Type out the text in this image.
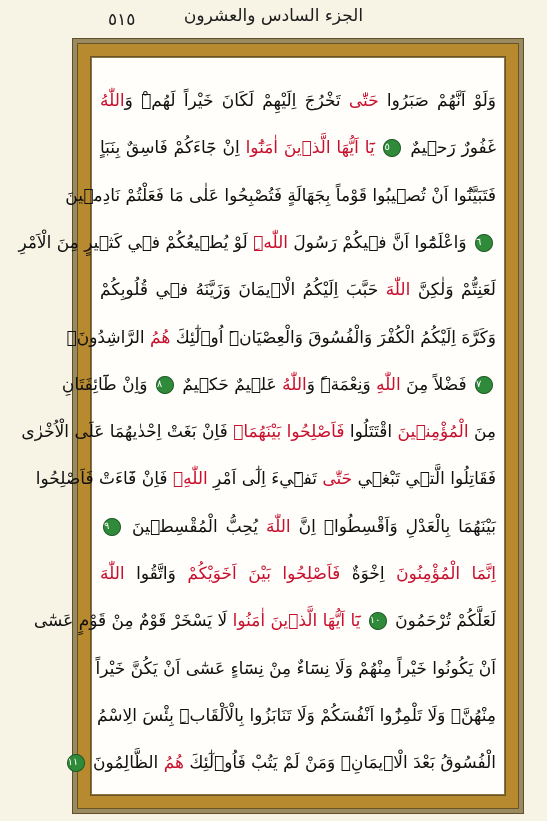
٥١٥	الجزء السادس والعشرون
وَلَوْ اَنَّهُمْ صَبَرُوا حَتّٰى تَخْرُجَ اِلَيْهِمْ لَكَانَ خَيْراً لَهُمْۜ وَاللّٰهُ
غَفُورٌ رَح۪يمٌ ٥ يَٓا اَيُّهَا الَّذ۪ينَ اٰمَنُٓوا اِنْ جَٓاءَكُمْ فَاسِقٌ بِنَبَاٍ
فَتَبَيَّنُٓوا اَنْ تُص۪يبُوا قَوْماً بِجَهَالَةٍ فَتُصْبِحُوا عَلٰى مَا فَعَلْتُمْ نَادِم۪ينَ
٦ وَاعْلَمُٓوا اَنَّ ف۪يكُمْ رَسُولَ اللّٰهِۜ لَوْ يُط۪يعُكُمْ ف۪ي كَث۪يرٍ مِنَ الْاَمْرِ
لَعَنِتُّمْ وَلٰكِنَّ اللّٰهَ حَبَّبَ اِلَيْكُمُ الْا۪يمَانَ وَزَيَّنَهُ ف۪ي قُلُوبِكُمْ
وَكَرَّهَ اِلَيْكُمُ الْكُفْرَ وَالْفُسُوقَ وَالْعِصْيَانَۜ اُو۬لٰٓئِكَ هُمُ الرَّاشِدُونَۙ
٧ فَضْلاً مِنَ اللّٰهِ وَنِعْمَةًۜ وَاللّٰهُ عَل۪يمٌ حَك۪يمٌ ٨ وَاِنْ طَٓائِفَتَانِ
مِنَ الْمُؤْمِن۪ينَ اقْتَتَلُوا فَاَصْلِحُوا بَيْنَهُمَاۚ فَاِنْ بَغَتْ اِحْدٰيهُمَا عَلَى الْاُخْرٰى
فَقَاتِلُوا الَّت۪ي تَبْغ۪ي حَتّٰى تَف۪ٓيءَ اِلٰٓى اَمْرِ اللّٰهِۚ فَاِنْ فَٓاءَتْ فَاَصْلِحُوا
بَيْنَهُمَا بِالْعَدْلِ وَاَقْسِطُواۜ اِنَّ اللّٰهَ يُحِبُّ الْمُقْسِط۪ينَ ٩
اِنَّمَا الْمُؤْمِنُونَ اِخْوَةٌ فَاَصْلِحُوا بَيْنَ اَخَوَيْكُمْ وَاتَّقُوا اللّٰهَ
لَعَلَّكُمْ تُرْحَمُونَ ١٠ يَٓا اَيُّهَا الَّذ۪ينَ اٰمَنُوا لَا يَسْخَرْ قَوْمٌ مِنْ قَوْمٍ عَسٰٓى
اَنْ يَكُونُوا خَيْراً مِنْهُمْ وَلَا نِسَٓاءٌ مِنْ نِسَٓاءٍ عَسٰٓى اَنْ يَكُنَّ خَيْراً
مِنْهُنَّۚ وَلَا تَلْمِزُٓوا اَنْفُسَكُمْ وَلَا تَنَابَزُوا بِالْاَلْقَابِۜ بِئْسَ الِاسْمُ
الْفُسُوقُ بَعْدَ الْا۪يمَانِۚ وَمَنْ لَمْ يَتُبْ فَاُو۬لٰٓئِكَ هُمُ الظَّالِمُونَ ١١
